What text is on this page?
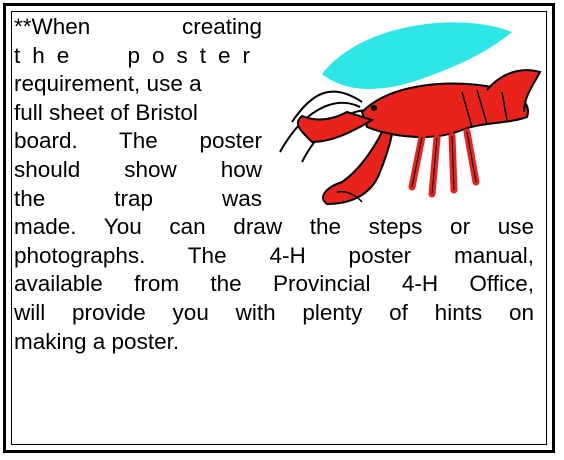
**When creating
the poster
requirement, use a
full sheet of Bristol
board. The poster
should show how
the trap was
made. You can draw the steps or use
photographs. The 4-H poster manual,
available from the Provincial 4-H Office,
will provide you with plenty of hints on
making a poster.
